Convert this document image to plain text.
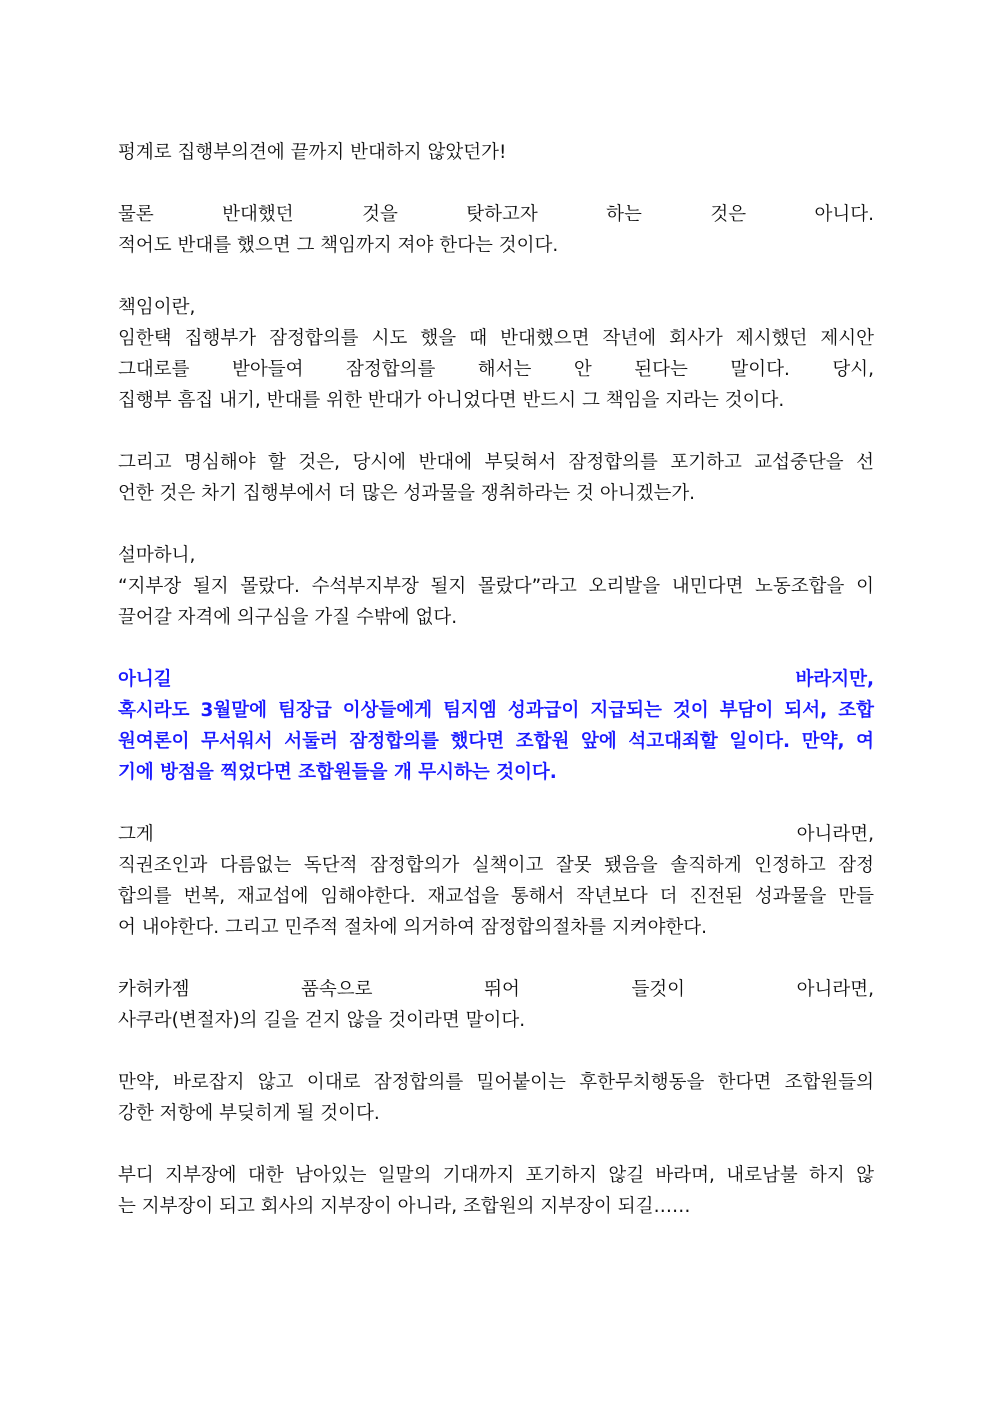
펑계로 집행부의견에 끝까지 반대하지 않았던가!
물론 반대했던 것을 탓하고자 하는 것은 아니다.
적어도 반대를 했으면 그 책임까지 져야 한다는 것이다.
책임이란,
임한택 집행부가 잠정합의를 시도 했을 때 반대했으면 작년에 회사가 제시했던 제시안
그대로를 받아들여 잠정합의를 해서는 안 된다는 말이다. 당시,
집행부 흠집 내기, 반대를 위한 반대가 아니었다면 반드시 그 책임을 지라는 것이다.
그리고 명심해야 할 것은, 당시에 반대에 부딪혀서 잠정합의를 포기하고 교섭중단을 선
언한 것은 차기 집행부에서 더 많은 성과물을 쟁취하라는 것 아니겠는가.
설마하니,
“지부장 될지 몰랐다. 수석부지부장 될지 몰랐다”라고 오리발을 내민다면 노동조합을 이
끌어갈 자격에 의구심을 가질 수밖에 없다.
아니길 바라지만,
혹시라도 3월말에 팀장급 이상들에게 팀지엠 성과급이 지급되는 것이 부담이 되서, 조합
원여론이 무서워서 서둘러 잠정합의를 했다면 조합원 앞에 석고대죄할 일이다. 만약, 여
기에 방점을 찍었다면 조합원들을 개 무시하는 것이다.
그게 아니라면,
직권조인과 다름없는 독단적 잠정합의가 실책이고 잘못 됐음을 솔직하게 인정하고 잠정
합의를 번복, 재교섭에 임해야한다. 재교섭을 통해서 작년보다 더 진전된 성과물을 만들
어 내야한다. 그리고 민주적 절차에 의거하여 잠정합의절차를 지켜야한다.
카허카젬 품속으로 뛰어 들것이 아니라면,
사쿠라(변절자)의 길을 걷지 않을 것이라면 말이다.
만약, 바로잡지 않고 이대로 잠정합의를 밀어붙이는 후한무치행동을 한다면 조합원들의
강한 저항에 부딪히게 될 것이다.
부디 지부장에 대한 남아있는 일말의 기대까지 포기하지 않길 바라며, 내로남불 하지 않
는 지부장이 되고 회사의 지부장이 아니라, 조합원의 지부장이 되길……
